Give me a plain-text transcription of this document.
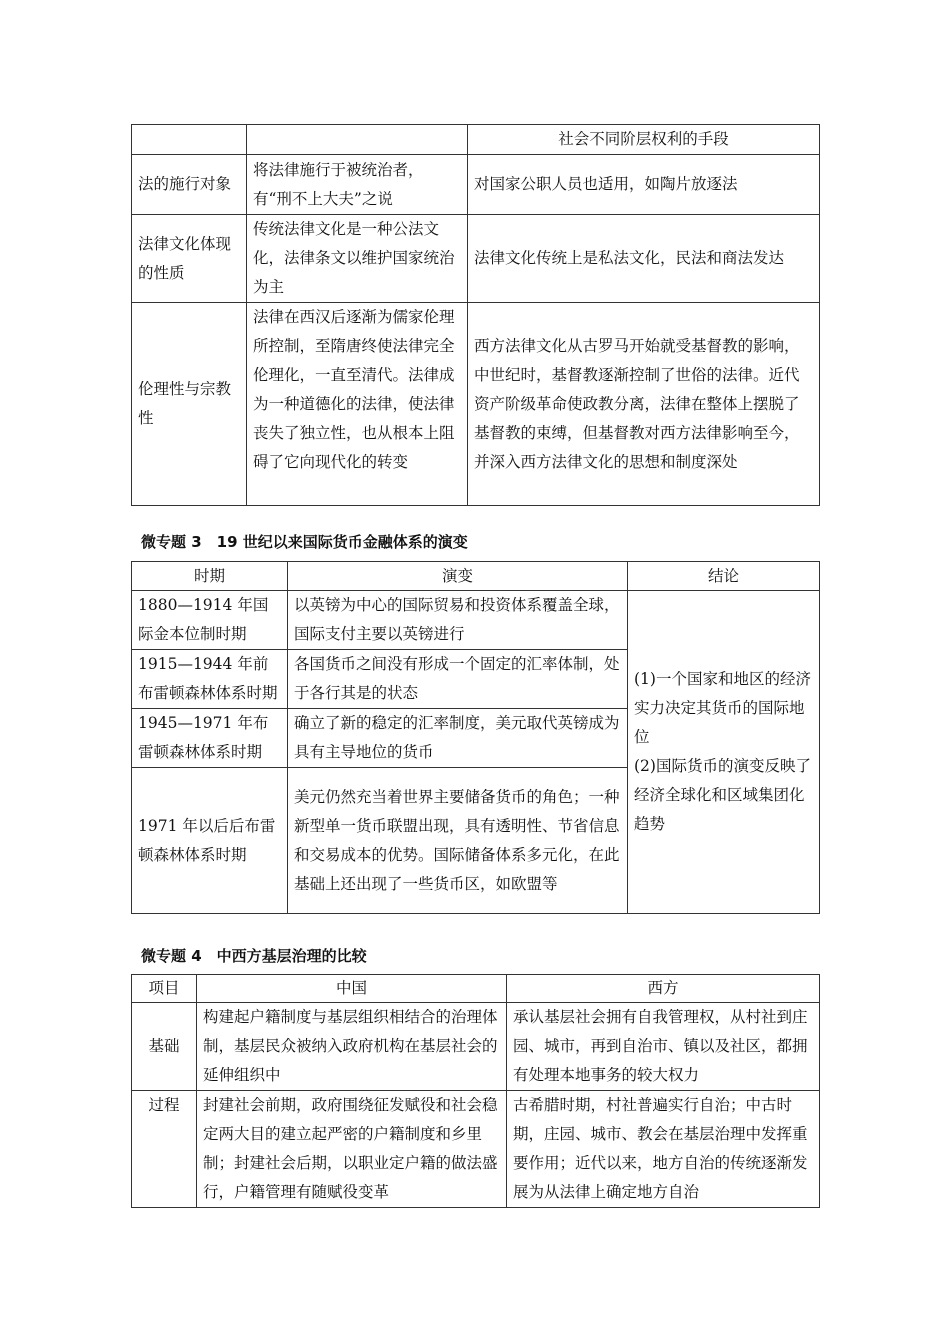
		社会不同阶层权利的手段
法的施行对象	将法律施行于被统治者，有“刑不上大夫”之说	对国家公职人员也适用，如陶片放逐法
法律文化体现的性质	传统法律文化是一种公法文化，法律条文以维护国家统治为主	法律文化传统上是私法文化，民法和商法发达
伦理性与宗教性	法律在西汉后逐渐为儒家伦理所控制，至隋唐终使法律完全伦理化，一直至清代。法律成为一种道德化的法律，使法律丧失了独立性，也从根本上阻碍了它向现代化的转变	西方法律文化从古罗马开始就受基督教的影响，中世纪时，基督教逐渐控制了世俗的法律。近代资产阶级革命使政教分离，法律在整体上摆脱了基督教的束缚，但基督教对西方法律影响至今，并深入西方法律文化的思想和制度深处
微专题 3　19 世纪以来国际货币金融体系的演变
时期	演变	结论
1880—1914 年国际金本位制时期	以英镑为中心的国际贸易和投资体系覆盖全球，国际支付主要以英镑进行	(1)一个国家和地区的经济实力决定其货币的国际地位
(2)国际货币的演变反映了经济全球化和区域集团化趋势

1915—1944 年前布雷顿森林体系时期	各国货币之间没有形成一个固定的汇率体制，处于各行其是的状态	
1945—1971 年布雷顿森林体系时期	确立了新的稳定的汇率制度，美元取代英镑成为具有主导地位的货币	
1971 年以后后布雷顿森林体系时期	美元仍然充当着世界主要储备货币的角色；一种新型单一货币联盟出现，具有透明性、节省信息和交易成本的优势。国际储备体系多元化，在此基础上还出现了一些货币区，如欧盟等	
微专题 4　中西方基层治理的比较
项目	中国	西方
基础	构建起户籍制度与基层组织相结合的治理体制，基层民众被纳入政府机构在基层社会的延伸组织中	承认基层社会拥有自我管理权，从村社到庄园、城市，再到自治市、镇以及社区，都拥有处理本地事务的较大权力
过程	封建社会前期，政府围绕征发赋役和社会稳定两大目的建立起严密的户籍制度和乡里制；封建社会后期，以职业定户籍的做法盛行，户籍管理有随赋役变革	古希腊时期，村社普遍实行自治；中古时期，庄园、城市、教会在基层治理中发挥重要作用；近代以来，地方自治的传统逐渐发展为从法律上确定地方自治
